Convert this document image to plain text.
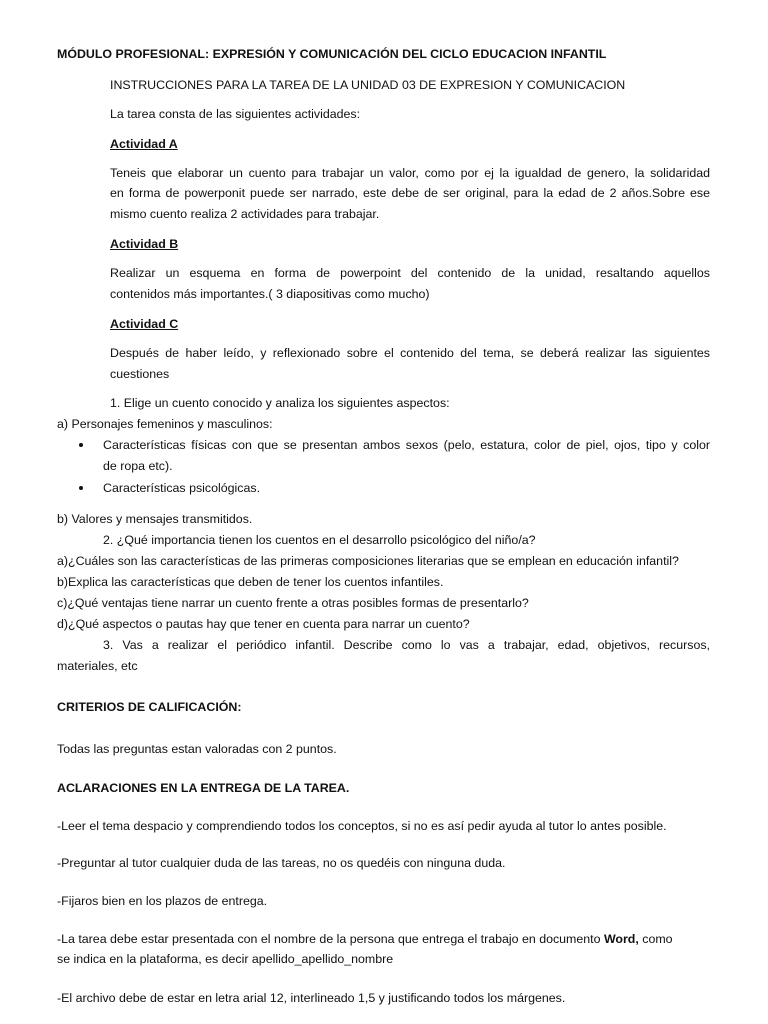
MÓDULO PROFESIONAL: EXPRESIÓN Y COMUNICACIÓN DEL CICLO EDUCACION INFANTIL
INSTRUCCIONES PARA LA TAREA DE LA UNIDAD 03 DE EXPRESION Y COMUNICACION
La tarea consta de las siguientes actividades:
Actividad A
Teneis que elaborar un cuento para trabajar un valor, como por ej la igualdad de genero, la solidaridad
en forma de powerponit puede ser narrado, este debe de ser original, para la edad de 2 años.Sobre ese
mismo cuento realiza 2 actividades para trabajar.
Actividad B
Realizar un esquema en forma de powerpoint del contenido de la unidad, resaltando aquellos
contenidos más importantes.( 3 diapositivas como mucho)
Actividad C
Después de haber leído, y reflexionado sobre el contenido del tema, se deberá realizar las siguientes
cuestiones
1. Elige un cuento conocido y analiza los siguientes aspectos:
a) Personajes femeninos y masculinos:
Características físicas con que se presentan ambos sexos (pelo, estatura, color de piel, ojos, tipo y color
de ropa etc).
Características psicológicas.
b) Valores y mensajes transmitidos.
2. ¿Qué importancia tienen los cuentos en el desarrollo psicológico del niño/a?
a)¿Cuáles son las características de las primeras composiciones literarias que se emplean en educación infantil?
b)Explica las características que deben de tener los cuentos infantiles.
c)¿Qué ventajas tiene narrar un cuento frente a otras posibles formas de presentarlo?
d)¿Qué aspectos o pautas hay que tener en cuenta para narrar un cuento?
3. Vas a realizar el periódico infantil. Describe como lo vas a trabajar, edad, objetivos, recursos,
materiales, etc
CRITERIOS DE CALIFICACIÓN:
Todas las preguntas estan valoradas con 2 puntos.
ACLARACIONES EN LA ENTREGA DE LA TAREA.
-Leer el tema despacio y comprendiendo todos los conceptos, si no es así pedir ayuda al tutor lo antes posible.
-Preguntar al tutor cualquier duda de las tareas, no os quedéis con ninguna duda.
-Fijaros bien en los plazos de entrega.
-La tarea debe estar presentada con el nombre de la persona que entrega el trabajo en documento Word, como
se indica en la plataforma, es decir apellido_apellido_nombre
-El archivo debe de estar en letra arial 12, interlineado 1,5 y justificando todos los márgenes.
